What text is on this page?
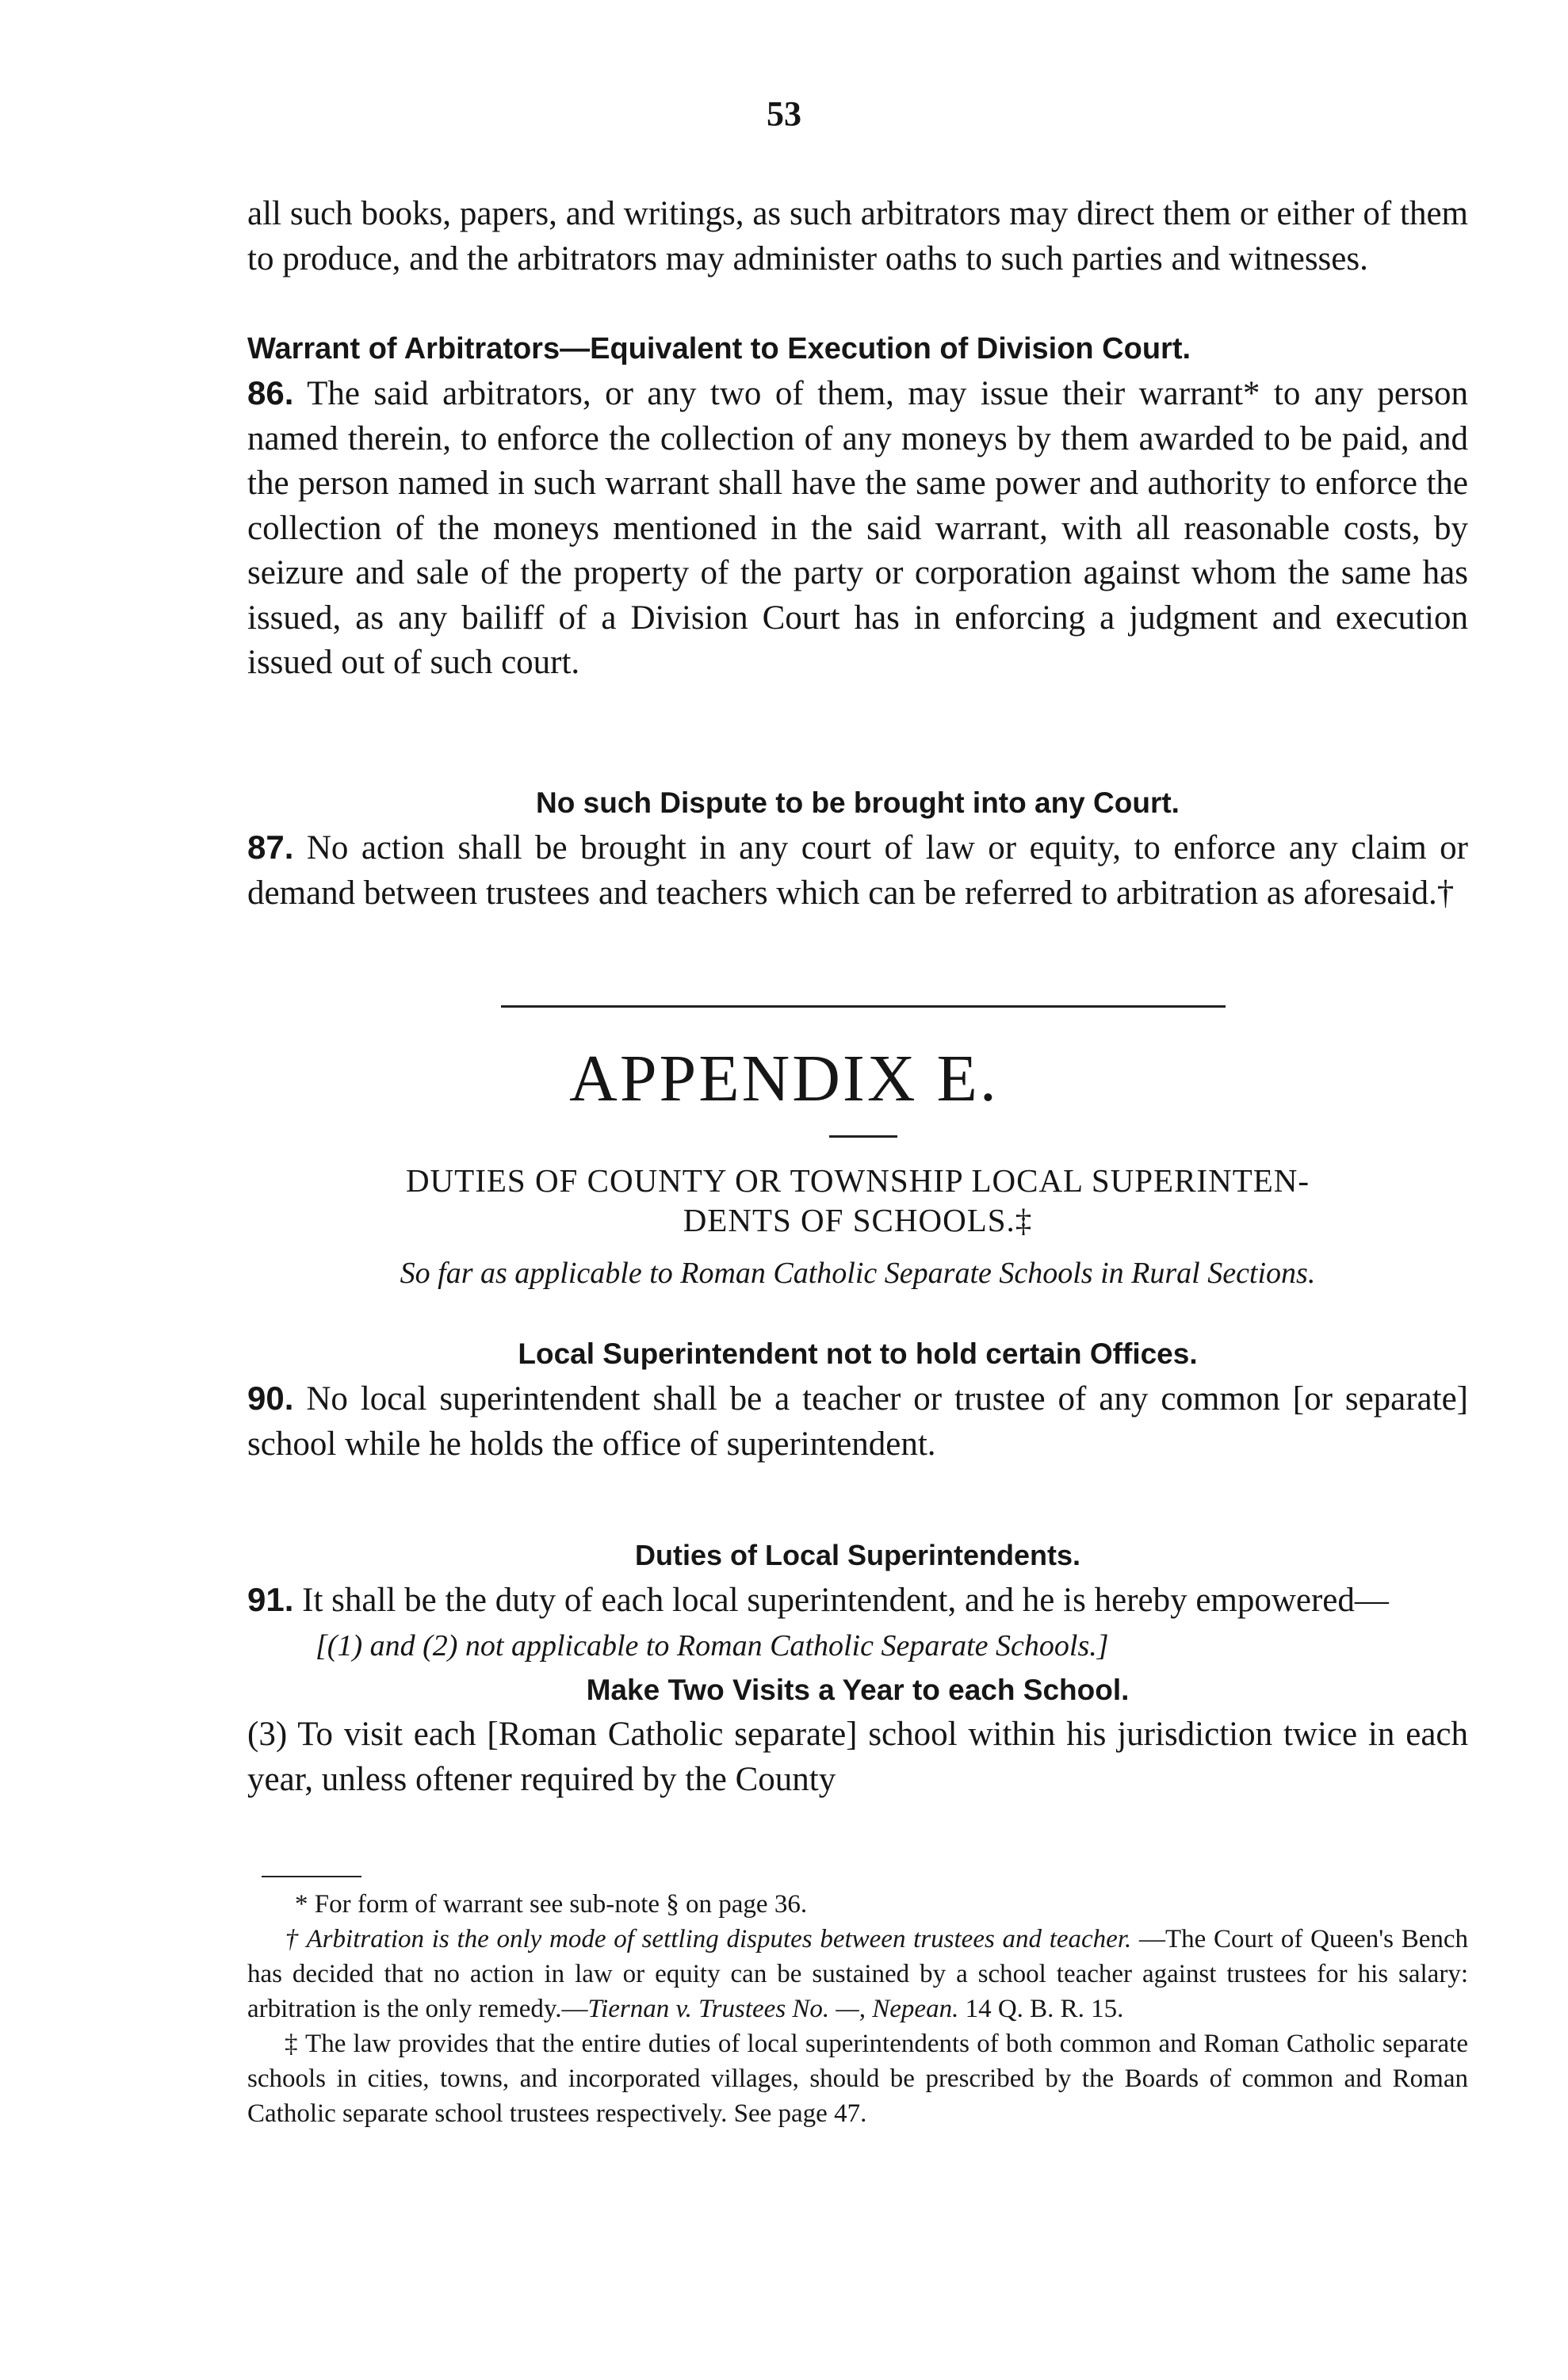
53

all such books, papers, and writings, as such arbitrators may direct them or either of them to produce, and the arbitrators may administer oaths to such parties and witnesses.

Warrant of Arbitrators—Equivalent to Execution of Division Court.

86. The said arbitrators, or any two of them, may issue their warrant* to any person named therein, to enforce the collection of any moneys by them awarded to be paid, and the person named in such warrant shall have the same power and authority to enforce the collection of the moneys mentioned in the said warrant, with all reasonable costs, by seizure and sale of the property of the party or corporation against whom the same has issued, as any bailiff of a Division Court has in enforcing a judgment and execution issued out of such court.

No such Dispute to be brought into any Court.

87. No action shall be brought in any court of law or equity, to enforce any claim or demand between trustees and teachers which can be referred to arbitration as aforesaid.†

APPENDIX E.
DUTIES OF COUNTY OR TOWNSHIP LOCAL SUPERINTEN-
DENTS OF SCHOOLS.‡
So far as applicable to Roman Catholic Separate Schools in Rural Sections.

Local Superintendent not to hold certain Offices.

90. No local superintendent shall be a teacher or trustee of any common [or separate] school while he holds the office of superintendent.

Duties of Local Superintendents.

91. It shall be the duty of each local superintendent, and he is hereby empowered—

[(1) and (2) not applicable to Roman Catholic Separate Schools.]

Make Two Visits a Year to each School.

(3) To visit each [Roman Catholic separate] school within his jurisdiction twice in each year, unless oftener required by the County

* For form of warrant see sub-note § on page 36.

† Arbitration is the only mode of settling disputes between trustees and teacher. —The Court of Queen's Bench has decided that no action in law or equity can be sustained by a school teacher against trustees for his salary: arbitration is the only remedy.—Tiernan v. Trustees No. —, Nepean. 14 Q. B. R. 15.

‡ The law provides that the entire duties of local superintendents of both common and Roman Catholic separate schools in cities, towns, and incorporated villages, should be prescribed by the Boards of common and Roman Catholic separate school trustees respectively. See page 47.
